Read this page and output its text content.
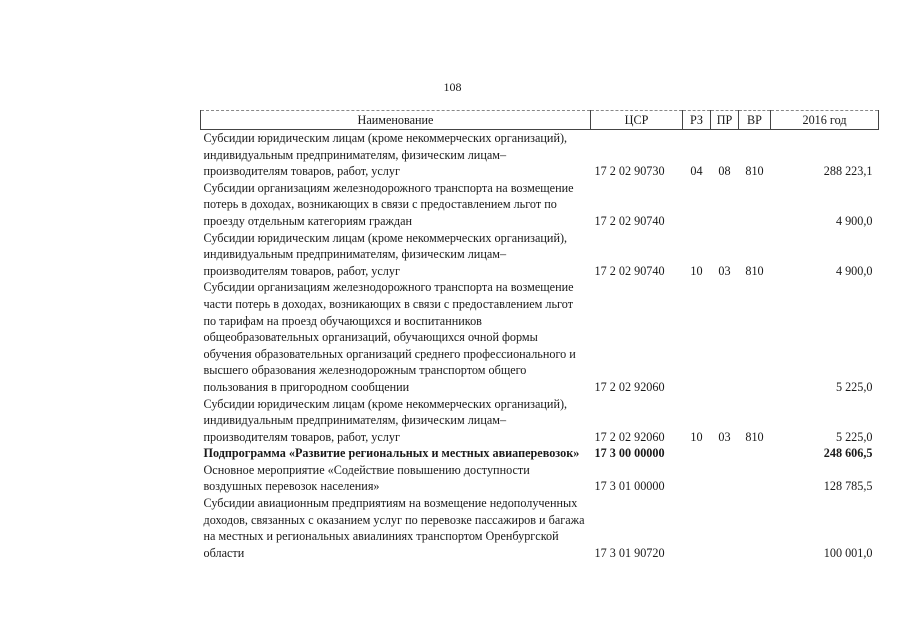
108
Наименование	ЦСР	РЗ	ПР	ВР	2016 год
Субсидии юридическим лицам (кроме некоммерческих организаций), индивидуальным предпринимателям, физическим лицам–производителям товаров, работ, услуг	17 2 02 90730	04	08	810	288 223,1
Субсидии организациям железнодорожного транспорта на возмещение потерь в доходах, возникающих в связи с предоставлением льгот по проезду отдельным категориям граждан	17 2 02 90740				4 900,0
Субсидии юридическим лицам (кроме некоммерческих организаций), индивидуальным предпринимателям, физическим лицам–производителям товаров, работ, услуг	17 2 02 90740	10	03	810	4 900,0
Субсидии организациям железнодорожного транспорта на возмещение части потерь в доходах, возникающих в связи с предоставлением льгот по тарифам на проезд обучающихся и воспитанников общеобразовательных организаций, обучающихся очной формы обучения образовательных организаций среднего профессионального и высшего образования железнодорожным транспортом общего пользования в пригородном сообщении	17 2 02 92060				5 225,0
Субсидии юридическим лицам (кроме некоммерческих организаций), индивидуальным предпринимателям, физическим лицам–производителям товаров, работ, услуг	17 2 02 92060	10	03	810	5 225,0
Подпрограмма «Развитие региональных и местных авиаперевозок»	17 3 00 00000				248 606,5
Основное мероприятие «Содействие повышению доступности воздушных перевозок населения»	17 3 01 00000				128 785,5
Субсидии авиационным предприятиям на возмещение недополученных доходов, связанных с оказанием услуг по перевозке пассажиров и багажа на местных и региональных авиалиниях транспортом Оренбургской области	17 3 01 90720				100 001,0
